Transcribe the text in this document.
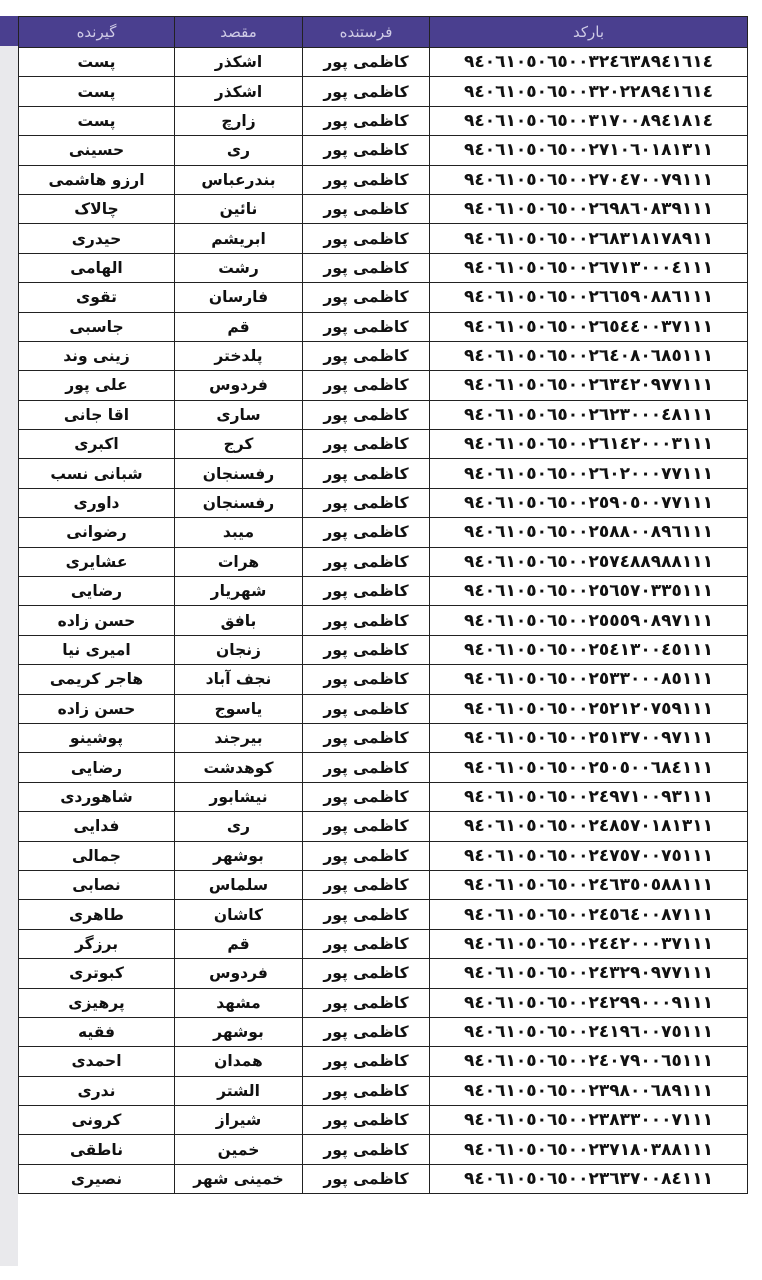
بارکد	فرستنده	مقصد	گیرنده
٩٤٠٦١٠٥٠٦٥٠٠٣٢٤٦٣٨٩٤١٦١٤	کاظمی پور	اشکذر	پست
٩٤٠٦١٠٥٠٦٥٠٠٣٢٠٢٢٨٩٤١٦١٤	کاظمی پور	اشکذر	پست
٩٤٠٦١٠٥٠٦٥٠٠٣١٧٠٠٨٩٤١٨١٤	کاظمی پور	زارچ	پست
٩٤٠٦١٠٥٠٦٥٠٠٢٧١٠٦٠١٨١٣١١	کاظمی پور	ری	حسینی
٩٤٠٦١٠٥٠٦٥٠٠٢٧٠٤٧٠٠٧٩١١١	کاظمی پور	بندرعباس	ارزو هاشمی
٩٤٠٦١٠٥٠٦٥٠٠٢٦٩٨٦٠٨٣٩١١١	کاظمی پور	نائین	چالاک
٩٤٠٦١٠٥٠٦٥٠٠٢٦٨٣١٨١٧٨٩١١	کاظمی پور	ابریشم	حیدری
٩٤٠٦١٠٥٠٦٥٠٠٢٦٧١٣٠٠٠٤١١١	کاظمی پور	رشت	الهامی
٩٤٠٦١٠٥٠٦٥٠٠٢٦٦٥٩٠٨٨٦١١١	کاظمی پور	فارسان	تقوی
٩٤٠٦١٠٥٠٦٥٠٠٢٦٥٤٤٠٠٣٧١١١	کاظمی پور	قم	جاسبی
٩٤٠٦١٠٥٠٦٥٠٠٢٦٤٠٨٠٦٨٥١١١	کاظمی پور	پلدختر	زینی وند
٩٤٠٦١٠٥٠٦٥٠٠٢٦٣٤٢٠٩٧٧١١١	کاظمی پور	فردوس	علی پور
٩٤٠٦١٠٥٠٦٥٠٠٢٦٢٣٠٠٠٤٨١١١	کاظمی پور	ساری	اقا جانی
٩٤٠٦١٠٥٠٦٥٠٠٢٦١٤٢٠٠٠٣١١١	کاظمی پور	کرج	اکبری
٩٤٠٦١٠٥٠٦٥٠٠٢٦٠٢٠٠٠٧٧١١١	کاظمی پور	رفسنجان	شبانی نسب
٩٤٠٦١٠٥٠٦٥٠٠٢٥٩٠٥٠٠٧٧١١١	کاظمی پور	رفسنجان	داوری
٩٤٠٦١٠٥٠٦٥٠٠٢٥٨٨٠٠٨٩٦١١١	کاظمی پور	میبد	رضوانی
٩٤٠٦١٠٥٠٦٥٠٠٢٥٧٤٨٨٩٨٨١١١	کاظمی پور	هرات	عشایری
٩٤٠٦١٠٥٠٦٥٠٠٢٥٦٥٧٠٣٣٥١١١	کاظمی پور	شهریار	رضایی
٩٤٠٦١٠٥٠٦٥٠٠٢٥٥٥٩٠٨٩٧١١١	کاظمی پور	بافق	حسن زاده
٩٤٠٦١٠٥٠٦٥٠٠٢٥٤١٣٠٠٤٥١١١	کاظمی پور	زنجان	امیری نیا
٩٤٠٦١٠٥٠٦٥٠٠٢٥٣٣٠٠٠٨٥١١١	کاظمی پور	نجف آباد	هاجر کریمی
٩٤٠٦١٠٥٠٦٥٠٠٢٥٢١٢٠٧٥٩١١١	کاظمی پور	یاسوج	حسن زاده
٩٤٠٦١٠٥٠٦٥٠٠٢٥١٣٧٠٠٩٧١١١	کاظمی پور	بیرجند	پوشینو
٩٤٠٦١٠٥٠٦٥٠٠٢٥٠٥٠٠٦٨٤١١١	کاظمی پور	کوهدشت	رضایی
٩٤٠٦١٠٥٠٦٥٠٠٢٤٩٧١٠٠٩٣١١١	کاظمی پور	نیشابور	شاهوردی
٩٤٠٦١٠٥٠٦٥٠٠٢٤٨٥٧٠١٨١٣١١	کاظمی پور	ری	فدایی
٩٤٠٦١٠٥٠٦٥٠٠٢٤٧٥٧٠٠٧٥١١١	کاظمی پور	بوشهر	جمالی
٩٤٠٦١٠٥٠٦٥٠٠٢٤٦٣٥٠٥٨٨١١١	کاظمی پور	سلماس	نصابی
٩٤٠٦١٠٥٠٦٥٠٠٢٤٥٦٤٠٠٨٧١١١	کاظمی پور	کاشان	طاهری
٩٤٠٦١٠٥٠٦٥٠٠٢٤٤٢٠٠٠٣٧١١١	کاظمی پور	قم	برزگر
٩٤٠٦١٠٥٠٦٥٠٠٢٤٣٢٩٠٩٧٧١١١	کاظمی پور	فردوس	کبوتری
٩٤٠٦١٠٥٠٦٥٠٠٢٤٢٩٩٠٠٠٩١١١	کاظمی پور	مشهد	پرهیزی
٩٤٠٦١٠٥٠٦٥٠٠٢٤١٩٦٠٠٧٥١١١	کاظمی پور	بوشهر	فقیه
٩٤٠٦١٠٥٠٦٥٠٠٢٤٠٧٩٠٠٦٥١١١	کاظمی پور	همدان	احمدی
٩٤٠٦١٠٥٠٦٥٠٠٢٣٩٨٠٠٦٨٩١١١	کاظمی پور	الشتر	ندری
٩٤٠٦١٠٥٠٦٥٠٠٢٣٨٣٣٠٠٠٧١١١	کاظمی پور	شیراز	کرونی
٩٤٠٦١٠٥٠٦٥٠٠٢٣٧١٨٠٣٨٨١١١	کاظمی پور	خمین	ناطقی
٩٤٠٦١٠٥٠٦٥٠٠٢٣٦٣٧٠٠٨٤١١١	کاظمی پور	خمینی شهر	نصیری
